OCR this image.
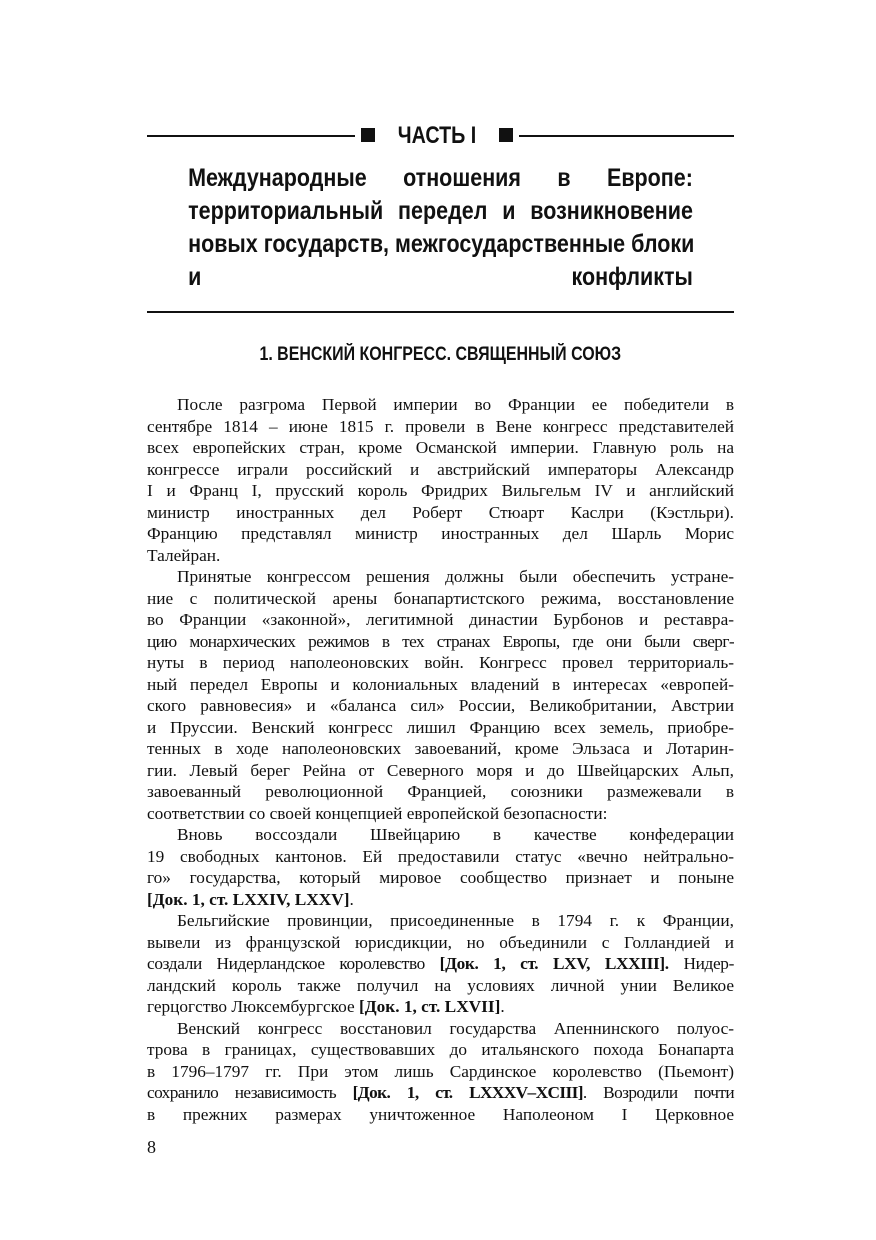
ЧАСТЬ I
Международные отношения в Европе:
территориальный передел и возникновение
новых государств, межгосударственные блоки
и конфликты
1. ВЕНСКИЙ КОНГРЕСС. СВЯЩЕННЫЙ СОЮЗ
После разгрома Первой империи во Франции ее победители в
сентябре 1814 – июне 1815 г. провели в Вене конгресс представителей
всех европейских стран, кроме Османской империи. Главную роль на
конгрессе играли российский и австрийский императоры Александр
I и Франц I, прусский король Фридрих Вильгельм IV и английский
министр иностранных дел Роберт Стюарт Каслри (Кэстльри).
Францию представлял министр иностранных дел Шарль Морис
Талейран.
Принятые конгрессом решения должны были обеспечить устране-
ние с политической арены бонапартистского режима, восстановление
во Франции «законной», легитимной династии Бурбонов и реставра-
цию монархических режимов в тех странах Европы, где они были сверг-
нуты в период наполеоновских войн. Конгресс провел территориаль-
ный передел Европы и колониальных владений в интересах «европей-
ского равновесия» и «баланса сил» России, Великобритании, Австрии
и Пруссии. Венский конгресс лишил Францию всех земель, приобре-
тенных в ходе наполеоновских завоеваний, кроме Эльзаса и Лотарин-
гии. Левый берег Рейна от Северного моря и до Швейцарских Альп,
завоеванный революционной Францией, союзники размежевали в
соответствии со своей концепцией европейской безопасности:
Вновь воссоздали Швейцарию в качестве конфедерации
19 свободных кантонов. Ей предоставили статус «вечно нейтрально-
го» государства, который мировое сообщество признает и поныне
[Док. 1, ст. LXXIV, LXXV].
Бельгийские провинции, присоединенные в 1794 г. к Франции,
вывели из французской юрисдикции, но объединили с Голландией и
создали Нидерландское королевство [Док. 1, ст. LXV, LXXIII]. Нидер-
ландский король также получил на условиях личной унии Великое
герцогство Люксембургское [Док. 1, ст. LXVII].
Венский конгресс восстановил государства Апеннинского полуос-
трова в границах, существовавших до итальянского похода Бонапарта
в 1796–1797 гг. При этом лишь Сардинское королевство (Пьемонт)
сохранило независимость [Док. 1, ст. LXXXV–XCIII]. Возродили почти
в прежних размерах уничтоженное Наполеоном I Церковное
8
